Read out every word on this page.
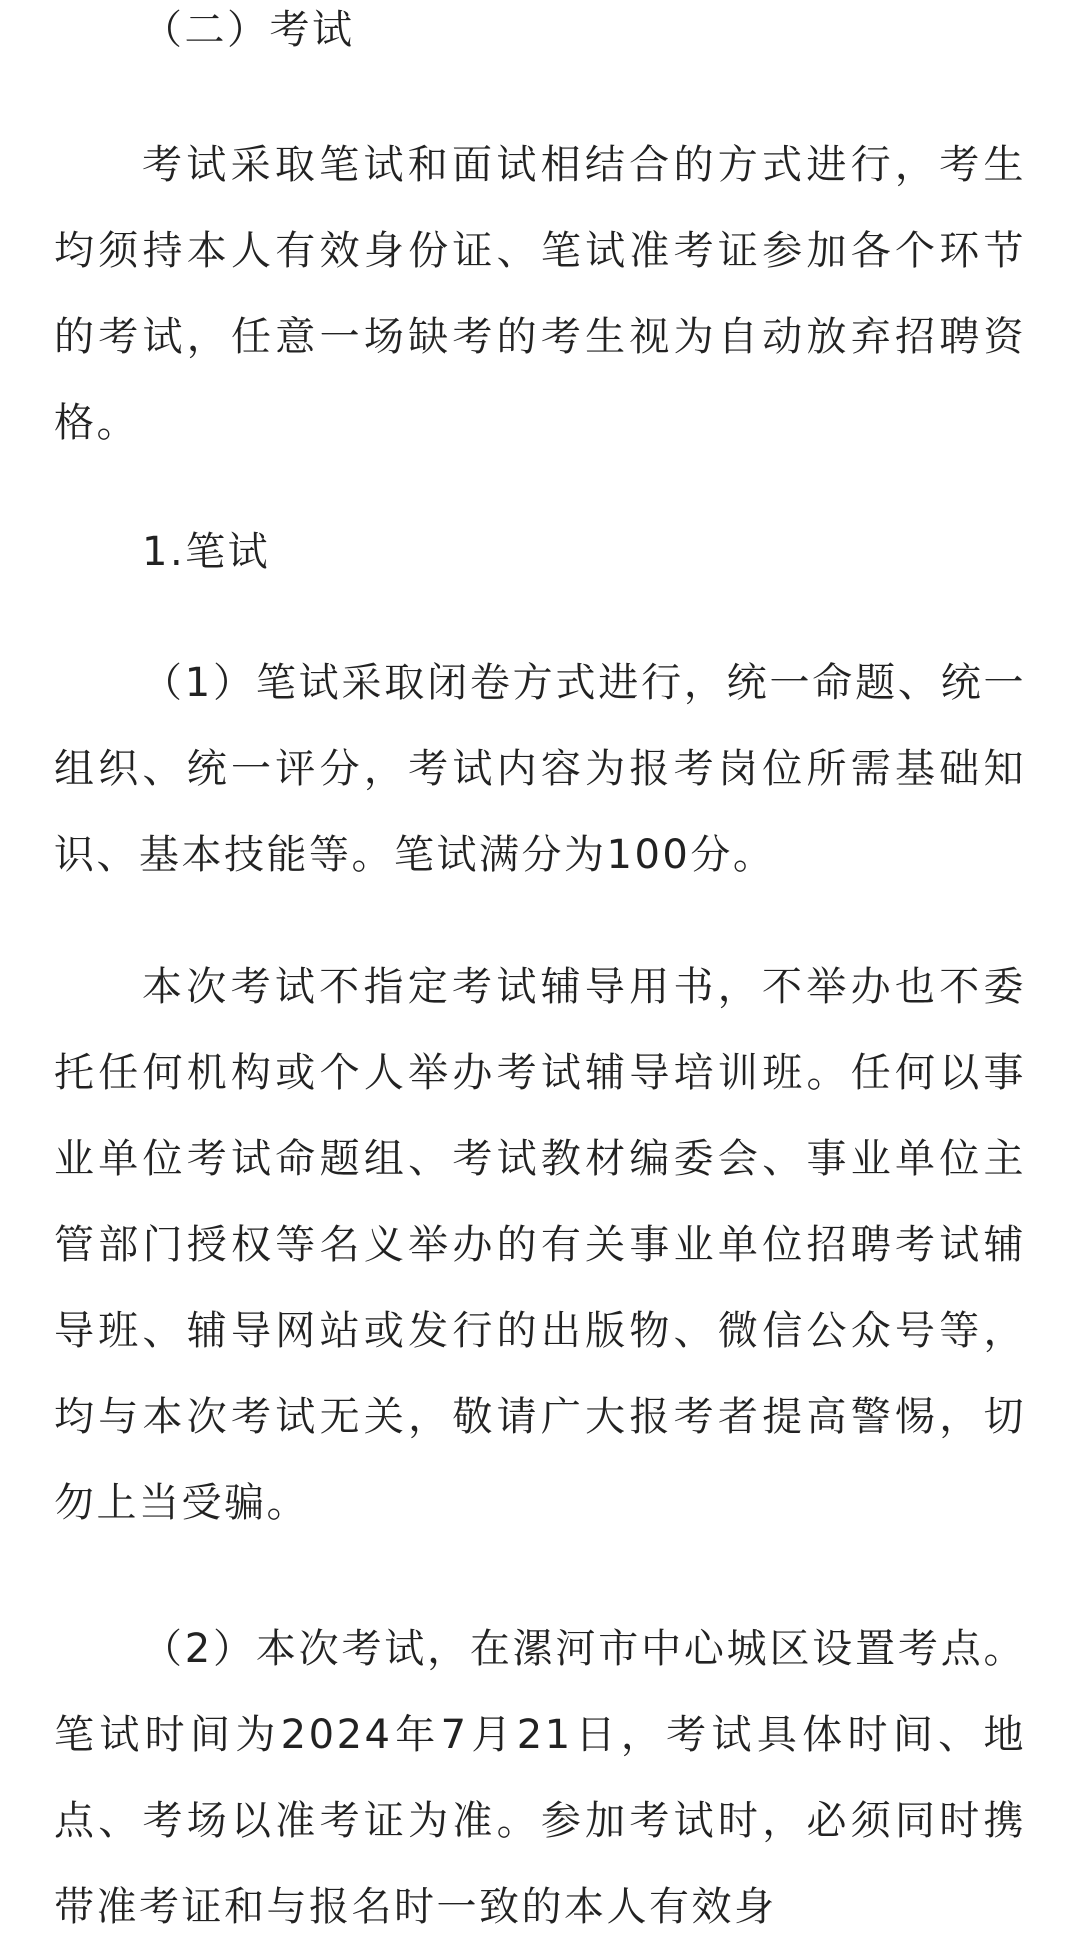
（二）考试

考试采取笔试和面试相结合的方式进行，考生均须持本人有效身份证、笔试准考证参加各个环节的考试，任意一场缺考的考生视为自动放弃招聘资格。

1.笔试

（1）笔试采取闭卷方式进行，统一命题、统一组织、统一评分，考试内容为报考岗位所需基础知识、基本技能等。笔试满分为100分。

本次考试不指定考试辅导用书，不举办也不委托任何机构或个人举办考试辅导培训班。任何以事业单位考试命题组、考试教材编委会、事业单位主管部门授权等名义举办的有关事业单位招聘考试辅导班、辅导网站或发行的出版物、微信公众号等，均与本次考试无关，敬请广大报考者提高警惕，切勿上当受骗。

（2）本次考试，在漯河市中心城区设置考点。笔试时间为2024年7月21日，考试具体时间、地点、考场以准考证为准。参加考试时，必须同时携带准考证和与报名时一致的本人有效身
